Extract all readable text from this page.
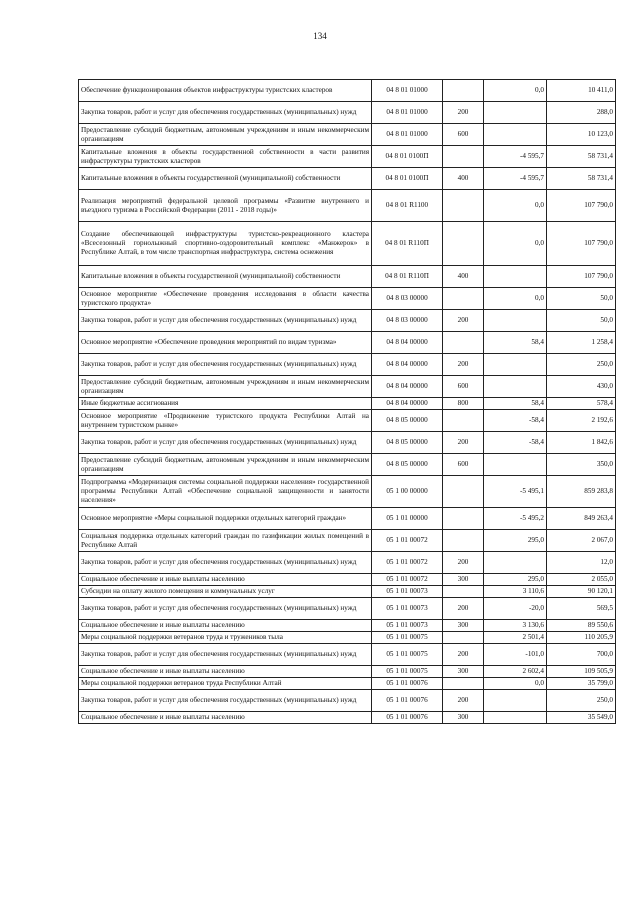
134
Обеспечение функционирования объектов инфраструктуры туристских кластеров	04 8 01 01000		0,0	10 411,0
Закупка товаров, работ и услуг для обеспечения государственных (муниципальных) нужд	04 8 01 01000	200		288,0
Предоставление субсидий бюджетным, автономным учреждениям и иным некоммерческим организациям	04 8 01 01000	600		10 123,0
Капитальные вложения в объекты государственной собственности в части развития инфраструктуры туристских кластеров	04 8 01 0100П		-4 595,7	58 731,4
Капитальные вложения в объекты государственной (муниципальной) собственности	04 8 01 0100П	400	-4 595,7	58 731,4
Реализация мероприятий федеральной целевой программы «Развитие внутреннего и въездного туризма в Российской Федерации (2011 - 2018 годы)»	04 8 01 R1100		0,0	107 790,0
Создание обеспечивающей инфраструктуры туристско-рекреационного кластера «Всесезонный горнолыжный спортивно-оздоровительный комплекс «Манжерок» в Республике Алтай, в том числе транспортная инфраструктура, система оснежения	04 8 01 R110П		0,0	107 790,0
Капитальные вложения в объекты государственной (муниципальной) собственности	04 8 01 R110П	400		107 790,0
Основное мероприятие «Обеспечение проведения исследования в области качества туристского продукта»	04 8 03 00000		0,0	50,0
Закупка товаров, работ и услуг для обеспечения государственных (муниципальных) нужд	04 8 03 00000	200		50,0
Основное мероприятие «Обеспечение проведения мероприятий по видам туризма»	04 8 04 00000		58,4	1 258,4
Закупка товаров, работ и услуг для обеспечения государственных (муниципальных) нужд	04 8 04 00000	200		250,0
Предоставление субсидий бюджетным, автономным учреждениям и иным некоммерческим организациям	04 8 04 00000	600		430,0
Иные бюджетные ассигнования	04 8 04 00000	800	58,4	578,4
Основное мероприятие «Продвижение туристского продукта Республики Алтай на внутреннем туристском рынке»	04 8 05 00000		-58,4	2 192,6
Закупка товаров, работ и услуг для обеспечения государственных (муниципальных) нужд	04 8 05 00000	200	-58,4	1 842,6
Предоставление субсидий бюджетным, автономным учреждениям и иным некоммерческим организациям	04 8 05 00000	600		350,0
Подпрограмма «Модернизация системы социальной поддержки населения» государственной программы Республики Алтай «Обеспечение социальной защищенности и занятости населения»	05 1 00 00000		-5 495,1	859 283,8
Основное мероприятие «Меры социальной поддержки отдельных категорий граждан»	05 1 01 00000		-5 495,2	849 263,4
Социальная поддержка отдельных категорий граждан по газификации жилых помещений в Республике Алтай	05 1 01 00072		295,0	2 067,0
Закупка товаров, работ и услуг для обеспечения государственных (муниципальных) нужд	05 1 01 00072	200		12,0
Социальное обеспечение и иные выплаты населению	05 1 01 00072	300	295,0	2 055,0
Субсидии на оплату жилого помещения и коммунальных услуг	05 1 01 00073		3 110,6	90 120,1
Закупка товаров, работ и услуг для обеспечения государственных (муниципальных) нужд	05 1 01 00073	200	-20,0	569,5
Социальное обеспечение и иные выплаты населению	05 1 01 00073	300	3 130,6	89 550,6
Меры социальной поддержки ветеранов труда и тружеников тыла	05 1 01 00075		2 501,4	110 205,9
Закупка товаров, работ и услуг для обеспечения государственных (муниципальных) нужд	05 1 01 00075	200	-101,0	700,0
Социальное обеспечение и иные выплаты населению	05 1 01 00075	300	2 602,4	109 505,9
Меры социальной поддержки ветеранов труда Республики Алтай	05 1 01 00076		0,0	35 799,0
Закупка товаров, работ и услуг для обеспечения государственных (муниципальных) нужд	05 1 01 00076	200		250,0
Социальное обеспечение и иные выплаты населению	05 1 01 00076	300		35 549,0
